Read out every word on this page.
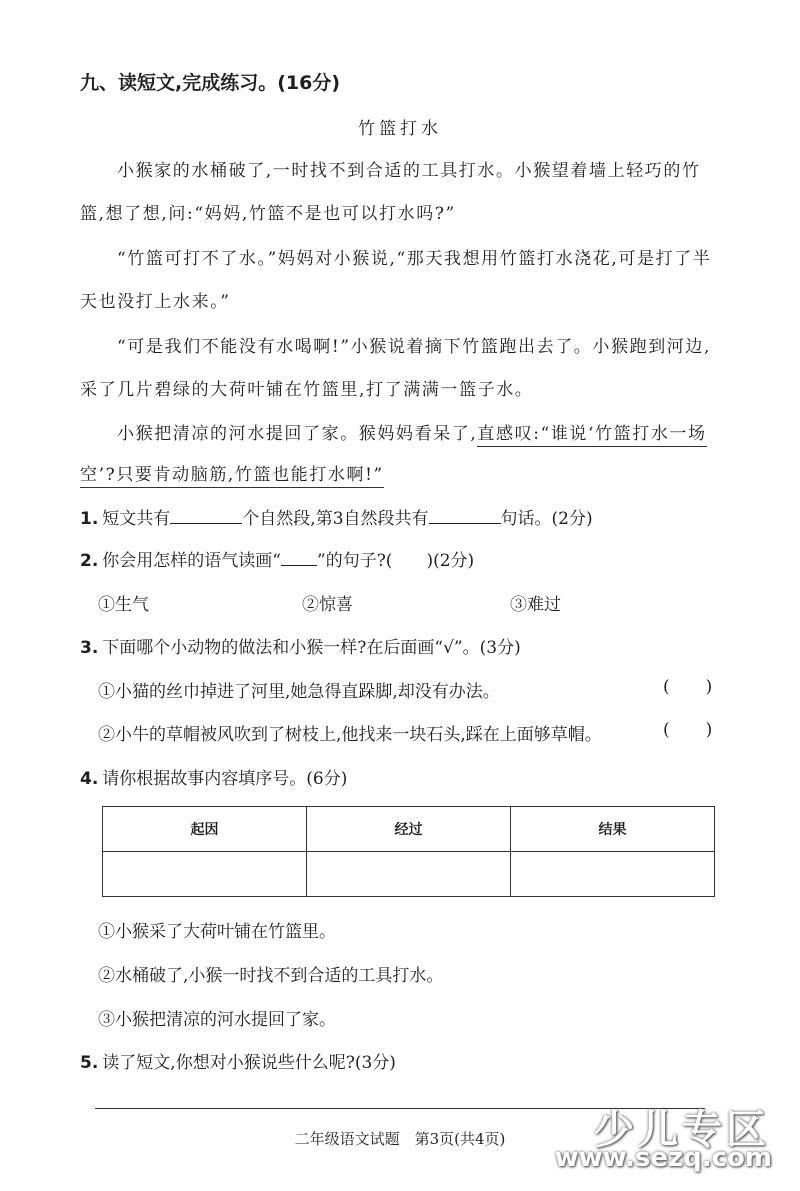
九、读短文,完成练习。(16分)
竹篮打水
小猴家的水桶破了,一时找不到合适的工具打水。小猴望着墙上轻巧的竹
篮,想了想,问:“妈妈,竹篮不是也可以打水吗?”
“竹篮可打不了水。”妈妈对小猴说,“那天我想用竹篮打水浇花,可是打了半
天也没打上水来。”
“可是我们不能没有水喝啊!”小猴说着摘下竹篮跑出去了。小猴跑到河边,
采了几片碧绿的大荷叶铺在竹篮里,打了满满一篮子水。
小猴把清凉的河水提回了家。猴妈妈看呆了,直感叹:“谁说‘竹篮打水一场
空’?只要肯动脑筋,竹篮也能打水啊!”
1. 短文共有	个自然段,第3自然段共有	句话。(2分)
2. 你会用怎样的语气读画“ ”的句子?( )(2分)
①生气	②惊喜	③难过
3. 下面哪个小动物的做法和小猴一样?在后面画“√”。(3分)
①小猫的丝巾掉进了河里,她急得直跺脚,却没有办法。	( )
②小牛的草帽被风吹到了树枝上,他找来一块石头,踩在上面够草帽。	( )
4. 请你根据故事内容填序号。(6分)
起因	经过	结果

①小猴采了大荷叶铺在竹篮里。
②水桶破了,小猴一时找不到合适的工具打水。
③小猴把清凉的河水提回了家。
5. 读了短文,你想对小猴说些什么呢?(3分)
二年级语文试题　第3页(共4页)	少儿专区
www.sezq.com
